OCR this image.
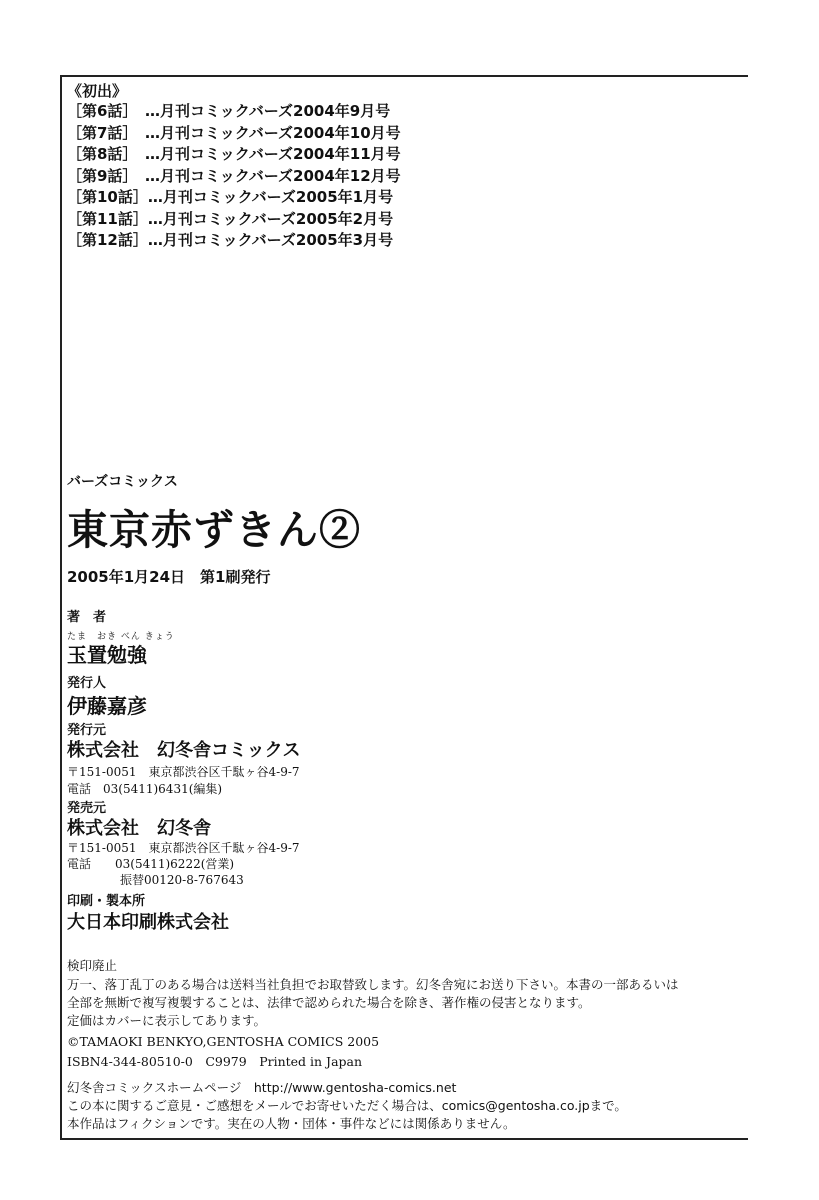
《初出》
［第6話］ …月刊コミックバーズ2004年9月号
［第7話］ …月刊コミックバーズ2004年10月号
［第8話］ …月刊コミックバーズ2004年11月号
［第9話］ …月刊コミックバーズ2004年12月号
［第10話］…月刊コミックバーズ2005年1月号
［第11話］…月刊コミックバーズ2005年2月号
［第12話］…月刊コミックバーズ2005年3月号
バーズコミックス
東京赤ずきん②
2005年1月24日　第1刷発行
著　者
たま　おき べん きょう
玉置勉強
発行人
伊藤嘉彦
発行元
株式会社　幻冬舎コミックス
〒151-0051　東京都渋谷区千駄ヶ谷4-9-7
電話　03(5411)6431(編集)
発売元
株式会社　幻冬舎
〒151-0051　東京都渋谷区千駄ヶ谷4-9-7
電話　　03(5411)6222(営業)
振替00120-8-767643
印刷・製本所
大日本印刷株式会社
検印廃止
万一、落丁乱丁のある場合は送料当社負担でお取替致します。幻冬舎宛にお送り下さい。本書の一部あるいは
全部を無断で複写複製することは、法律で認められた場合を除き、著作権の侵害となります。
定価はカバーに表示してあります。
©TAMAOKI BENKYO,GENTOSHA COMICS 2005
ISBN4-344-80510-0　C9979　Printed in Japan
幻冬舎コミックスホームページ　http://www.gentosha-comics.net
この本に関するご意見・ご感想をメールでお寄せいただく場合は、comics@gentosha.co.jpまで。
本作品はフィクションです。実在の人物・団体・事件などには関係ありません。
